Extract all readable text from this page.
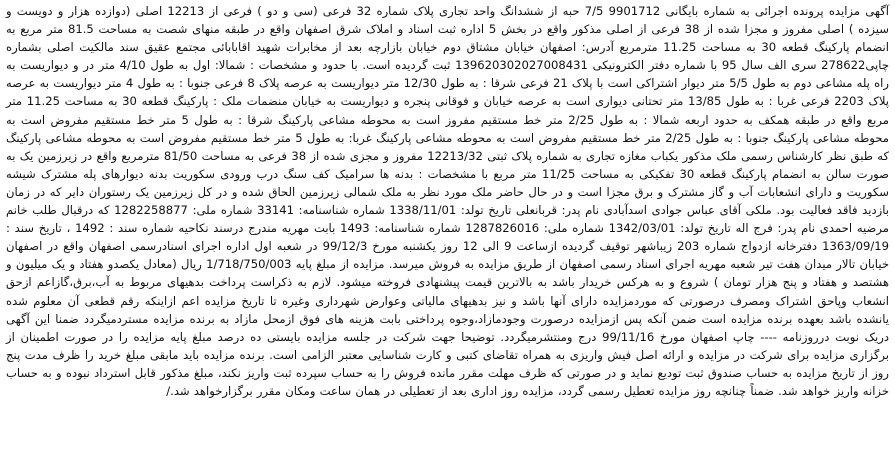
آگهی مزایده پرونده اجرائی به شماره بایگانی 9901712 7/5 حبه از ششدانگ واحد تجاری پلاک شماره 32 فرعی (سی و دو ) فرعی از 12213 اصلی (دوازده هزار و دویست و سیزده ) اصلی مفروز و مجزا شده از 38 فرعی از اصلی مذکور واقع در بخش 5 اداره ثبت اسناد و املاک شرق اصفهان واقع در طبقه منهای شصت به مساحت 81.5 متر مربع به انضمام پارکینگ قطعه 30 به مساحت 11.25 مترمربع آدرس: اصفهان خیابان مشتاق دوم خیابان بازارچه بعد از مخابرات شهید اقابابائی مجتمع عقیق سند مالکیت اصلی بشماره چاپی278622 سری الف سال 95 با شماره دفتر الکترونیکی 139620302027008431 ثبت گردیده است. با حدود و مشخصات : شمالا: اول به طول 4/10 متر در و دیواریست به راه پله مشاعی دوم به طول 5/5 متر دیوار اشتراکی است با پلاک 21 فرعی شرقا : به طول 12/30 متر دیواریست به عرصه پلاک 8 فرعی جنوبا : به طول 4 متر دیواریست به عرصه پلاک 2203 فرعی غربا : به طول 13/85 متر تحتانی دیواری است به عرصه خیابان و فوقانی پنجره و دیواریست به خیابان منضمات ملک : پارکینگ قطعه 30 به مساحت 11.25 متر مربع واقع در طبقه همکف به حدود اربعه شمالا : به طول 2/25 متر خط مستقیم مفروز است به محوطه مشاعی پارکینگ شرقا : به طول 5 متر خط مستقیم مفروض است به محوطه مشاعی پارکینگ جنوبا : به طول 2/25 متر خط مستقیم مفروض است به محوطه مشاعی پارکینگ غربا: به طول 5 متر خط مستقیم مفروض است به محوطه مشاعی پارکینگ که طبق نظر کارشناس رسمی ملک مذکور یکباب مغازه تجاری به شماره پلاک ثبتی 12213/32 مفروز و مجزی شده از 38 فرعی به مساحت 81/50 مترمربع واقع در زیرزمین یک به صورت سالن به انضمام پارکینگ قطعه 30 تفکیکی به مساحت 11/25 متر مربع با مشخصات : بدنه ها سرامیک کف سنگ درب ورودی سکوریت بدنه دیوارهای پله مشترک شیشه سکوریت و دارای انشعابات آب و گاز مشترک و برق مجزا است و در حال حاضر ملک مورد نظر به ملک شمالی زیرزمین الحاق شده و در کل زیرزمین یک رستوران دایر که در زمان بازدید فاقد فعالیت بود. ملکی آقای عباس جوادی اسدآبادی نام پدر: قربانعلی تاریخ تولد: 1338/11/01 شماره شناسنامه: 33141 شماره ملی: 1282258877 که درقبال طلب خانم مرضیه احمدی نام پدر: فرج اله تاریخ تولد: 1342/03/01 شماره ملی: 1287826016 شماره شناسنامه: 1493 بابت مهریه مندرج درسند نکاحیه شماره سند : 1492 ، تاریخ سند : 1363/09/19 دفترخانه ازدواج شماره 203 زیباشهر توقیف گردیده ازساعت 9 الی 12 روز یکشنبه مورخ 99/12/3 در شعبه اول اداره اجرای اسنادرسمی اصفهان واقع در اصفهان خیابان تالار میدان هفت تیر شعبه مهریه اجرای اسناد رسمی اصفهان از طریق مزایده به فروش میرسد. مزایده از مبلغ پایه 1/718/750/003 ریال (معادل یکصدو هفتاد و یک میلیون و هشتصد و هفتاد و پنج هزار تومان ) شروع و به هرکس خریدار باشد به بالاترین قیمت پیشنهادی فروخته میشود. لازم به ذکراست پرداخت بدهیهای مربوط به آب،برق،گازاعم ازحق انشعاب وپاحق اشتراک ومصرف درصورتی که موردمزایده دارای آنها باشد و نیز بدهیهای مالیاتی وعوارض شهرداری وغیره تا تاریخ مزایده اعم ازاینکه رقم قطعی آن معلوم شده یانشده باشد بعهده برنده مزایده است ضمن آنکه پس ازمزایده درصورت وجودمازاد،وجوه پرداختی بابت هزینه های فوق ازمحل مازاد به برنده مزایده مستردمیگردد ضمنا این آگهی دریک نوبت درروزنامه ---- چاپ اصفهان مورخ 99/11/16 درج ومنتشرمیگردد. توضیحا جهت شرکت در جلسه مزایده بایستی ده درصد مبلغ پایه مزایده را در صورت اطمینان از برگزاری مزایده برای شرکت در مزایده و ارائه اصل فیش واریزی به همراه تقاضای کتبی و کارت شناسایی معتبر الزامی است. برنده مزایده باید مابقی مبلغ خرید را ظرف مدت پنج روز از تاریخ مزایده به حساب صندوق ثبت تودیع نماید و در صورتی که ظرف مهلت مقرر مانده فروش را به حساب سپرده ثبت واریز نکند، مبلغ مذکور قابل استرداد نبوده و به حساب خزانه واریز خواهد شد. ضمناً چنانچه روز مزایده تعطیل رسمی گردد، مزایده روز اداری بعد از تعطیلی در همان ساعت ومکان مقرر برگزارخواهد شد./
